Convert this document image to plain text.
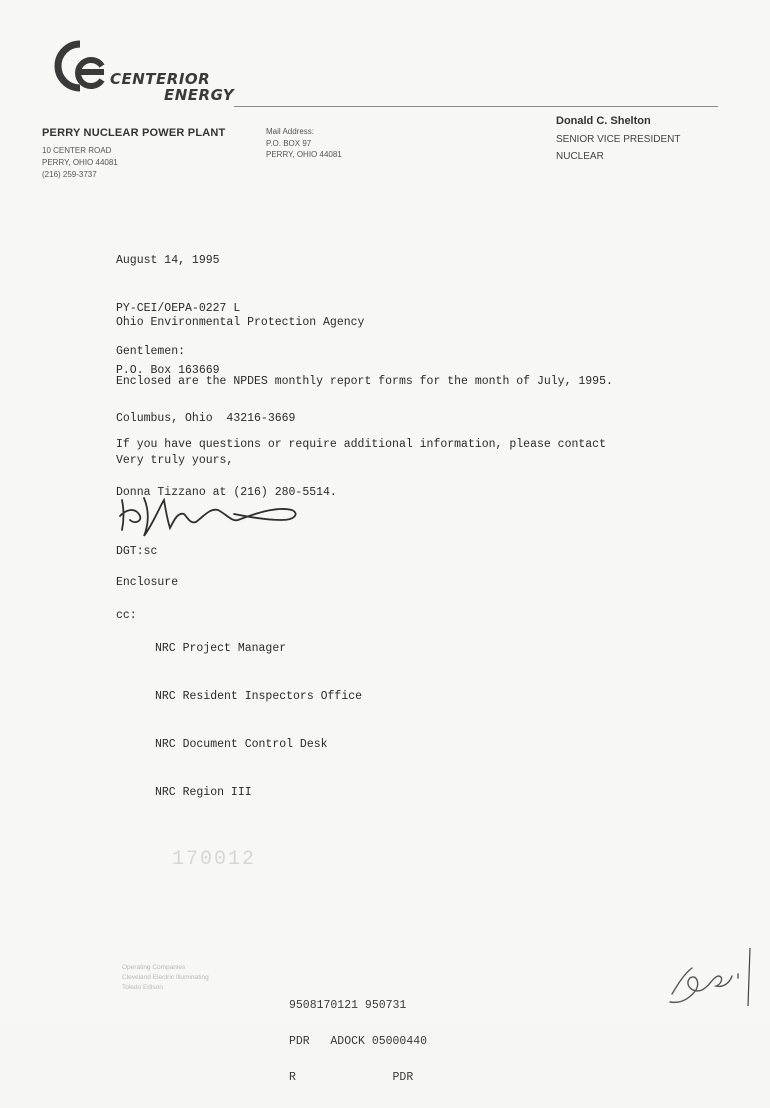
CENTERIOR
ENERGY
PERRY NUCLEAR POWER PLANT
10 CENTER ROAD
PERRY, OHIO 44081
(216) 259-3737
Mail Address:
P.O. BOX 97
PERRY, OHIO 44081
Donald C. Shelton
SENIOR VICE PRESIDENT
NUCLEAR

August 14, 1995

PY-CEI/OEPA-0227 L

Ohio Environmental Protection Agency

P.O. Box 163669

Columbus, Ohio  43216-3669

Gentlemen:
Enclosed are the NPDES monthly report forms for the month of July, 1995.

If you have questions or require additional information, please contact

Donna Tizzano at (216) 280-5514.

Very truly yours,
DGT:sc
Enclosure
cc:

NRC Project Manager

NRC Resident Inspectors Office

NRC Document Control Desk

NRC Region III

170012
Operating Companies
Cleveland Electric Illuminating
Toledo Edison

9508170121 950731

PDR   ADOCK 05000440

R              PDR
